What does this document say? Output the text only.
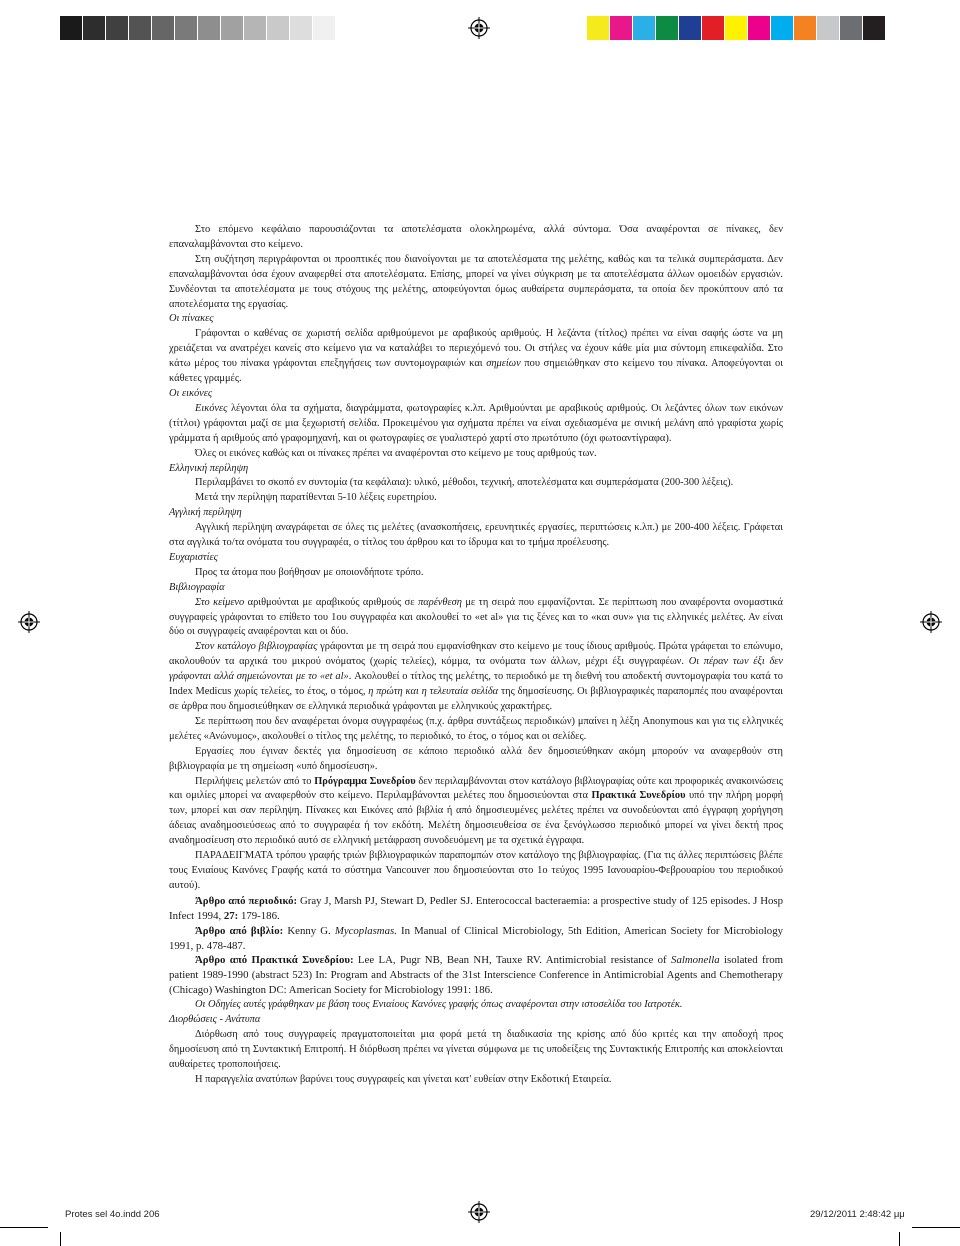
Protes sel 4o.indd 206	29/12/2011 2:48:42 μμ

Στο επόμενο κεφάλαιο παρουσιάζονται τα αποτελέσματα ολοκληρωμένα, αλλά σύντομα. Όσα αναφέρονται σε πίνακες, δεν επαναλαμβάνονται στο κείμενο.

Στη συζήτηση περιγράφονται οι προοπτικές που διανοίγονται με τα αποτελέσματα της μελέτης, καθώς και τα τελικά συμπεράσματα. Δεν επαναλαμβάνονται όσα έχουν αναφερθεί στα αποτελέσματα. Επίσης, μπορεί να γίνει σύγκριση με τα αποτελέσματα άλλων ομοειδών εργασιών. Συνδέονται τα αποτελέσματα με τους στόχους της μελέτης, αποφεύγονται όμως αυθαίρετα συμπεράσματα, τα οποία δεν προκύπτουν από τα αποτελέσματα της εργασίας.

Οι πίνακες

Γράφονται ο καθένας σε χωριστή σελίδα αριθμούμενοι με αραβικούς αριθμούς. Η λεζάντα (τίτλος) πρέπει να είναι σαφής ώστε να μη χρειάζεται να ανατρέχει κανείς στο κείμενο για να καταλάβει το περιεχόμενό του. Οι στήλες να έχουν κάθε μία μια σύντομη επικεφαλίδα. Στο κάτω μέρος του πίνακα γράφονται επεξηγήσεις των συντομογραφιών και σημείων που σημειώθηκαν στο κείμενο του πίνακα. Αποφεύγονται οι κάθετες γραμμές.

Οι εικόνες

Εικόνες λέγονται όλα τα σχήματα, διαγράμματα, φωτογραφίες κ.λπ. Αριθμούνται με αραβικούς αριθμούς. Οι λεζάντες όλων των εικόνων (τίτλοι) γράφονται μαζί σε μια ξεχωριστή σελίδα. Προκειμένου για σχήματα πρέπει να είναι σχεδιασμένα με σινική μελάνη από γραφίστα χωρίς γράμματα ή αριθμούς από γραφομηχανή, και οι φωτογραφίες σε γυαλιστερό χαρτί στο πρωτότυπο (όχι φωτοαντίγραφα).

Όλες οι εικόνες καθώς και οι πίνακες πρέπει να αναφέρονται στο κείμενο με τους αριθμούς των.

Ελληνική περίληψη

Περιλαμβάνει το σκοπό εν συντομία (τα κεφάλαια): υλικό, μέθοδοι, τεχνική, αποτελέσματα και συμπεράσματα (200-300 λέξεις).

Μετά την περίληψη παρατίθενται 5-10 λέξεις ευρετηρίου.

Αγγλική περίληψη

Αγγλική περίληψη αναγράφεται σε όλες τις μελέτες (ανασκοπήσεις, ερευνητικές εργασίες, περιπτώσεις κ.λπ.) με 200-400 λέξεις. Γράφεται στα αγγλικά το/τα ονόματα του συγγραφέα, ο τίτλος του άρθρου και το ίδρυμα και το τμήμα προέλευσης.

Ευχαριστίες

Προς τα άτομα που βοήθησαν με οποιονδήποτε τρόπο.

Βιβλιογραφία

Στο κείμενο αριθμούνται με αραβικούς αριθμούς σε παρένθεση με τη σειρά που εμφανίζονται. Σε περίπτωση που αναφέροντα ονομαστικά συγγραφείς γράφονται το επίθετο του 1ου συγγραφέα και ακολουθεί το «et al» για τις ξένες και το «και συν» για τις ελληνικές μελέτες. Αν είναι δύο οι συγγραφείς αναφέρονται και οι δύο.

Στον κατάλογο βιβλιογραφίας γράφονται με τη σειρά που εμφανίσθηκαν στο κείμενο με τους ίδιους αριθμούς. Πρώτα γράφεται το επώνυμο, ακολουθούν τα αρχικά του μικρού ονόματος (χωρίς τελείες), κόμμα, τα ονόματα των άλλων, μέχρι έξι συγγραφέων. Οι πέραν των έξι δεν γράφονται αλλά σημειώνονται με το «et al». Ακολουθεί ο τίτλος της μελέτης, το περιοδικό με τη διεθνή του αποδεκτή συντομογραφία του κατά το Index Medicus χωρίς τελείες, το έτος, ο τόμος, η πρώτη και η τελευταία σελίδα της δημοσίευσης. Οι βιβλιογραφικές παραπομπές που αναφέρονται σε άρθρα που δημοσιεύθηκαν σε ελληνικά περιοδικά γράφονται με ελληνικούς χαρακτήρες.

Σε περίπτωση που δεν αναφέρεται όνομα συγγραφέως (π.χ. άρθρα συντάξεως περιοδικών) μπαίνει η λέξη Anonymous και για τις ελληνικές μελέτες «Ανώνυμος», ακολουθεί ο τίτλος της μελέτης, το περιοδικό, το έτος, ο τόμος και οι σελίδες.

Εργασίες που έγιναν δεκτές για δημοσίευση σε κάποιο περιοδικό αλλά δεν δημοσιεύθηκαν ακόμη μπορούν να αναφερθούν στη βιβλιογραφία με τη σημείωση «υπό δημοσίευση».

Περιλήψεις μελετών από το Πρόγραμμα Συνεδρίου δεν περιλαμβάνονται στον κατάλογο βιβλιογραφίας ούτε και προφορικές ανακοινώσεις και ομιλίες μπορεί να αναφερθούν στο κείμενο. Περιλαμβάνονται μελέτες που δημοσιεύονται στα Πρακτικά Συνεδρίου υπό την πλήρη μορφή των, μπορεί και σαν περίληψη. Πίνακες και Εικόνες από βιβλία ή από δημοσιευμένες μελέτες πρέπει να συνοδεύονται από έγγραφη χορήγηση άδειας αναδημοσιεύσεως από το συγγραφέα ή τον εκδότη. Μελέτη δημοσιευθείσα σε ένα ξενόγλωσσο περιοδικό μπορεί να γίνει δεκτή προς αναδημοσίευση στο περιοδικό αυτό σε ελληνική μετάφραση συνοδευόμενη με τα σχετικά έγγραφα.

ΠΑΡΑΔΕΙΓΜΑΤΑ τρόπου γραφής τριών βιβλιογραφικών παραπομπών στον κατάλογο της βιβλιογραφίας. (Για τις άλλες περιπτώσεις βλέπε τους Ενιαίους Κανόνες Γραφής κατά το σύστημα Vancouver που δημοσιεύονται στο 1ο τεύχος 1995 Ιανουαρίου-Φεβρουαρίου του περιοδικού αυτού).

Άρθρο από περιοδικό: Gray J, Marsh PJ, Stewart D, Pedler SJ. Enterococcal bacteraemia: a prospective study of 125 episodes. J Hosp Infect 1994, 27: 179-186.

Άρθρο από βιβλίο: Kenny G. Mycoplasmas. In Manual of Clinical Microbiology, 5th Edition, American Society for Microbiology 1991, p. 478-487.

Άρθρο από Πρακτικά Συνεδρίου: Lee LA, Pugr NB, Bean NH, Tauxe RV. Antimicrobial resistance of Salmonella isolated from patient 1989-1990 (abstract 523) In: Program and Abstracts of the 31st Interscience Conference in Antimicrobial Agents and Chemotherapy (Chicago) Washington DC: American Society for Microbiology 1991: 186.

Οι Οδηγίες αυτές γράφθηκαν με βάση τους Ενιαίους Κανόνες γραφής όπως αναφέρονται στην ιστοσελίδα του Ιατροτέκ.

Διορθώσεις - Ανάτυπα

Διόρθωση από τους συγγραφείς πραγματοποιείται μια φορά μετά τη διαδικασία της κρίσης από δύο κριτές και την αποδοχή προς δημοσίευση από τη Συντακτική Επιτροπή. Η διόρθωση πρέπει να γίνεται σύμφωνα με τις υποδείξεις της Συντακτικής Επιτροπής και αποκλείονται αυθαίρετες τροποποιήσεις.

Η παραγγελία ανατύπων βαρύνει τους συγγραφείς και γίνεται κατ' ευθείαν στην Εκδοτική Εταιρεία.
